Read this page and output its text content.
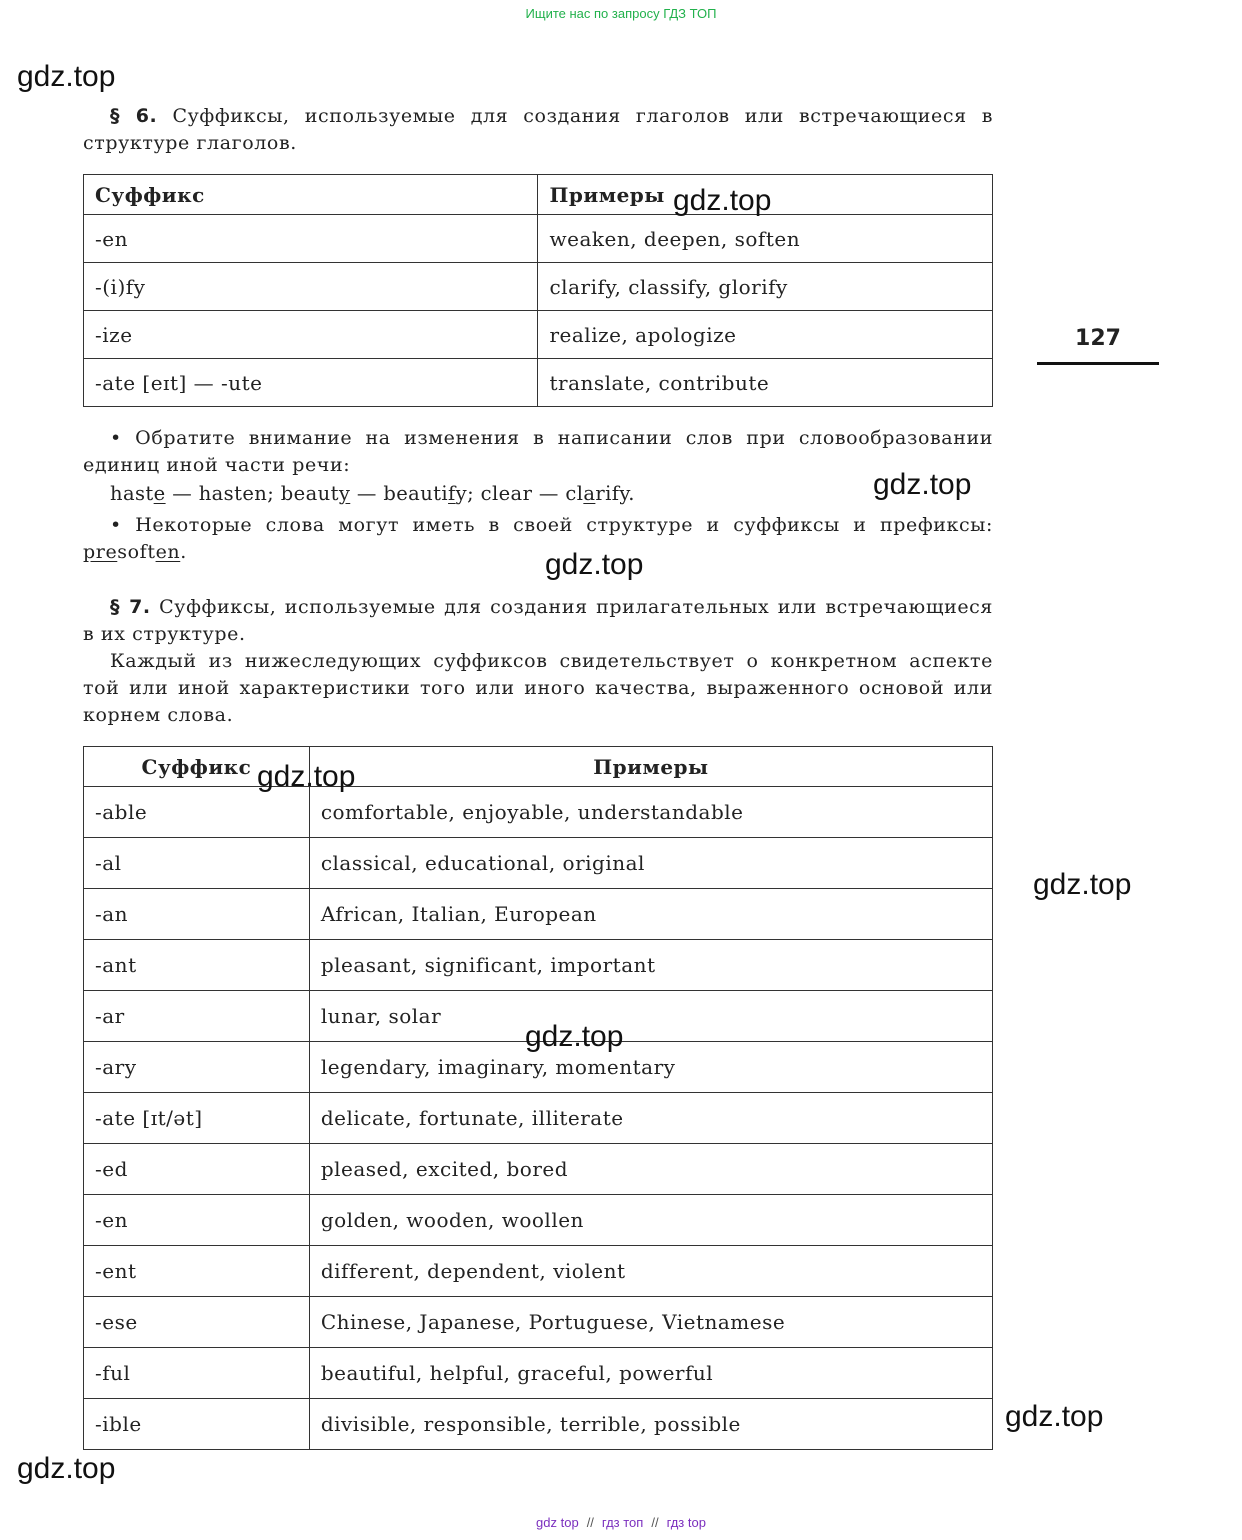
Ищите нас по запросу ГДЗ ТОП
gdz.top
gdz.top
gdz.top
gdz.top
gdz.top
gdz.top
gdz.top
gdz.top
gdz.top
127
§ 6. Суффиксы, используемые для создания глаголов или встречающиеся в структуре глаголов.
Суффикс	Примеры
-en	weaken, deepen, soften
-(i)fy	clarify, classify, glorify
-ize	realize, apologize
-ate [eɪt] — -ute	translate, contribute
• Обратите внимание на изменения в написании слов при словообразовании единиц иной части речи:
haste — hasten; beauty — beautify; clear — clarify.
• Некоторые слова могут иметь в своей структуре и суффиксы и префиксы: presoften.
§ 7. Суффиксы, используемые для создания прилагательных или встречающиеся в их структуре.
Каждый из нижеследующих суффиксов свидетельствует о конкретном аспекте той или иной характеристики того или иного качества, выраженного основой или корнем слова.
Суффикс	Примеры
-able	comfortable, enjoyable, understandable
-al	classical, educational, original
-an	African, Italian, European
-ant	pleasant, significant, important
-ar	lunar, solar
-ary	legendary, imaginary, momentary
-ate [ɪt/ət]	delicate, fortunate, illiterate
-ed	pleased, excited, bored
-en	golden, wooden, woollen
-ent	different, dependent, violent
-ese	Chinese, Japanese, Portuguese, Vietnamese
-ful	beautiful, helpful, graceful, powerful
-ible	divisible, responsible, terrible, possible
gdz top // гдз топ // гдз top
